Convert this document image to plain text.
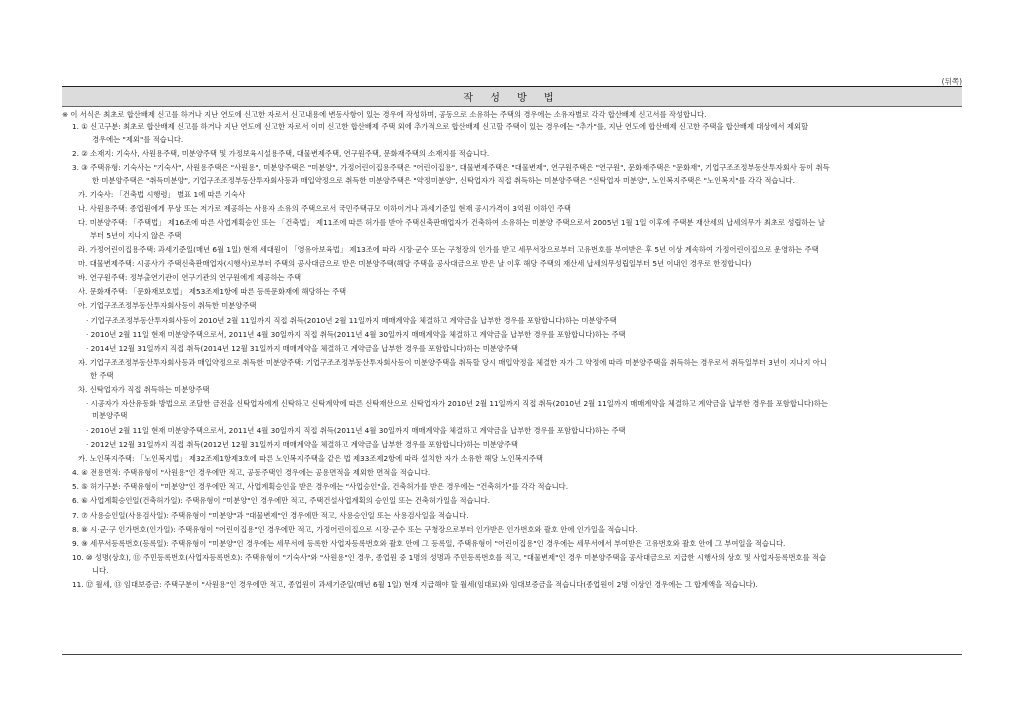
(뒤쪽)
작 성 방 법
※ 이 서식은 최초로 합산배제 신고를 하거나 지난 연도에 신고한 자로서 신고내용에 변동사항이 있는 경우에 작성하며, 공동으로 소유하는 주택의 경우에는 소유자별로 각각 합산배제 신고서를 작성합니다.
1. ① 신고구분: 최초로 합산배제 신고를 하거나 지난 연도에 신고한 자로서 이미 신고한 합산배제 주택 외에 추가적으로 합산배제 신고할 주택이 있는 경우에는 "추가"를, 지난 연도에 합산배제 신고한 주택을 합산배제 대상에서 제외할
경우에는 "제외"를 적습니다.
2. ② 소재지: 기숙사, 사원용주택, 미분양주택 및 가정보육시설용주택, 대물변제주택, 연구원주택, 문화재주택의 소재지를 적습니다.
3. ③ 주택유형: 기숙사는 "기숙사", 사원용주택은 "사원용", 미분양주택은 "미분양", 가정어린이집용주택은 "어린이집용", 대물변제주택은 "대물변제", 연구원주택은 "연구원", 문화재주택은 "문화재", 기업구조조정부동산투자회사 등이 취득
한 미분양주택은 "취득미분양", 기업구조조정부동산투자회사등과 매입약정으로 취득한 미분양주택은 "약정미분양", 신탁업자가 직접 취득하는 미분양주택은 "신탁업자 미분양", 노인복지주택은 "노인복지"를 각각 적습니다.
가. 기숙사: 「건축법 시행령」 별표 1에 따른 기숙사
나. 사원용주택: 종업원에게 무상 또는 저가로 제공하는 사용자 소유의 주택으로서 국민주택규모 이하이거나 과세기준일 현재 공시가격이 3억원 이하인 주택
다. 미분양주택: 「주택법」 제16조에 따른 사업계획승인 또는 「건축법」 제11조에 따른 허가를 받아 주택신축판매업자가 건축하여 소유하는 미분양 주택으로서 2005년 1월 1일 이후에 주택분 재산세의 납세의무가 최초로 성립하는 날
부터 5년이 지나지 않은 주택
라. 가정어린이집용주택: 과세기준일(매년 6월 1일) 현재 세대원이 「영유아보육법」 제13조에 따라 시장·군수 또는 구청장의 인가를 받고 세무서장으로부터 고유번호를 부여받은 후 5년 이상 계속하여 가정어린이집으로 운영하는 주택
마. 대물변제주택: 시공사가 주택신축판매업자(시행사)로부터 주택의 공사대금으로 받은 미분양주택(해당 주택을 공사대금으로 받은 날 이후 해당 주택의 재산세 납세의무성립일부터 5년 이내인 경우로 한정합니다)
바. 연구원주택: 정부출연기관이 연구기관의 연구원에게 제공하는 주택
사. 문화재주택: 「문화재보호법」 제53조제1항에 따른 등록문화재에 해당하는 주택
아. 기업구조조정부동산투자회사등이 취득한 미분양주택
· 기업구조조정부동산투자회사등이 2010년 2월 11일까지 직접 취득(2010년 2월 11일까지 매매계약을 체결하고 계약금을 납부한 경우를 포함합니다)하는 미분양주택
· 2010년 2월 11일 현재 미분양주택으로서, 2011년 4월 30일까지 직접 취득(2011년 4월 30일까지 매매계약을 체결하고 계약금을 납부한 경우를 포함합니다)하는 주택
· 2014년 12월 31일까지 직접 취득(2014년 12월 31일까지 매매계약을 체결하고 계약금을 납부한 경우를 포함합니다)하는 미분양주택
자. 기업구조조정부동산투자회사등과 매입약정으로 취득한 미분양주택: 기업구조조정부동산투자회사등이 미분양주택을 취득할 당시 매입약정을 체결한 자가 그 약정에 따라 미분양주택을 취득하는 경우로서 취득일부터 3년이 지나지 아니
한 주택
차. 신탁업자가 직접 취득하는 미분양주택
· 시공자가 자산유동화 방법으로 조달한 금전을 신탁업자에게 신탁하고 신탁계약에 따른 신탁재산으로 신탁업자가 2010년 2월 11일까지 직접 취득(2010년 2월 11일까지 매매계약을 체결하고 계약금을 납부한 경우를 포함합니다)하는
미분양주택
· 2010년 2월 11일 현재 미분양주택으로서, 2011년 4월 30일까지 직접 취득(2011년 4월 30일까지 매매계약을 체결하고 계약금을 납부한 경우를 포함합니다)하는 주택
· 2012년 12월 31일까지 직접 취득(2012년 12월 31일까지 매매계약을 체결하고 계약금을 납부한 경우를 포함합니다)하는 미분양주택
카. 노인복지주택: 「노인복지법」 제32조제1항제3호에 따른 노인복지주택을 같은 법 제33조제2항에 따라 설치한 자가 소유한 해당 노인복지주택
4. ④ 전용면적: 주택유형이 "사원용"인 경우에만 적고, 공동주택인 경우에는 공용면적을 제외한 면적을 적습니다.
5. ⑤ 허가구분: 주택유형이 "미분양"인 경우에만 적고, 사업계획승인을 받은 경우에는 "사업승인"을, 건축허가를 받은 경우에는 "건축허가"를 각각 적습니다.
6. ⑥ 사업계획승인일(건축허가일): 주택유형이 "미분양"인 경우에만 적고, 주택건설사업계획의 승인일 또는 건축허가일을 적습니다.
7. ⑦ 사용승인일(사용검사일): 주택유형이 "미분양"과 "대물변제"인 경우에만 적고, 사용승인일 또는 사용검사일을 적습니다.
8. ⑧ 시·군·구 인가번호(인가일): 주택유형이 "어린이집용"인 경우에만 적고, 가정어린이집으로 시장·군수 또는 구청장으로부터 인가받은 인가번호와 괄호 안에 인가일을 적습니다.
9. ⑨ 세무서등록번호(등록일): 주택유형이 "미분양"인 경우에는 세무서에 등록한 사업자등록번호와 괄호 안에 그 등록일, 주택유형이 "어린이집용"인 경우에는 세무서에서 부여받은 고유번호와 괄호 안에 그 부여일을 적습니다.
10. ⑩ 성명(상호), ⑪ 주민등록번호(사업자등록번호): 주택유형이 "기숙사"와 "사원용"인 경우, 종업원 중 1명의 성명과 주민등록번호를 적고, "대물변제"인 경우 미분양주택을 공사대금으로 지급한 시행사의 상호 및 사업자등록번호를 적습
니다.
11. ⑫ 월세, ⑬ 임대보증금: 주택구분이 "사원용"인 경우에만 적고, 종업원이 과세기준일(매년 6월 1일) 현재 지급해야 할 월세(임대료)와 임대보증금을 적습니다(종업원이 2명 이상인 경우에는 그 합계액을 적습니다).
